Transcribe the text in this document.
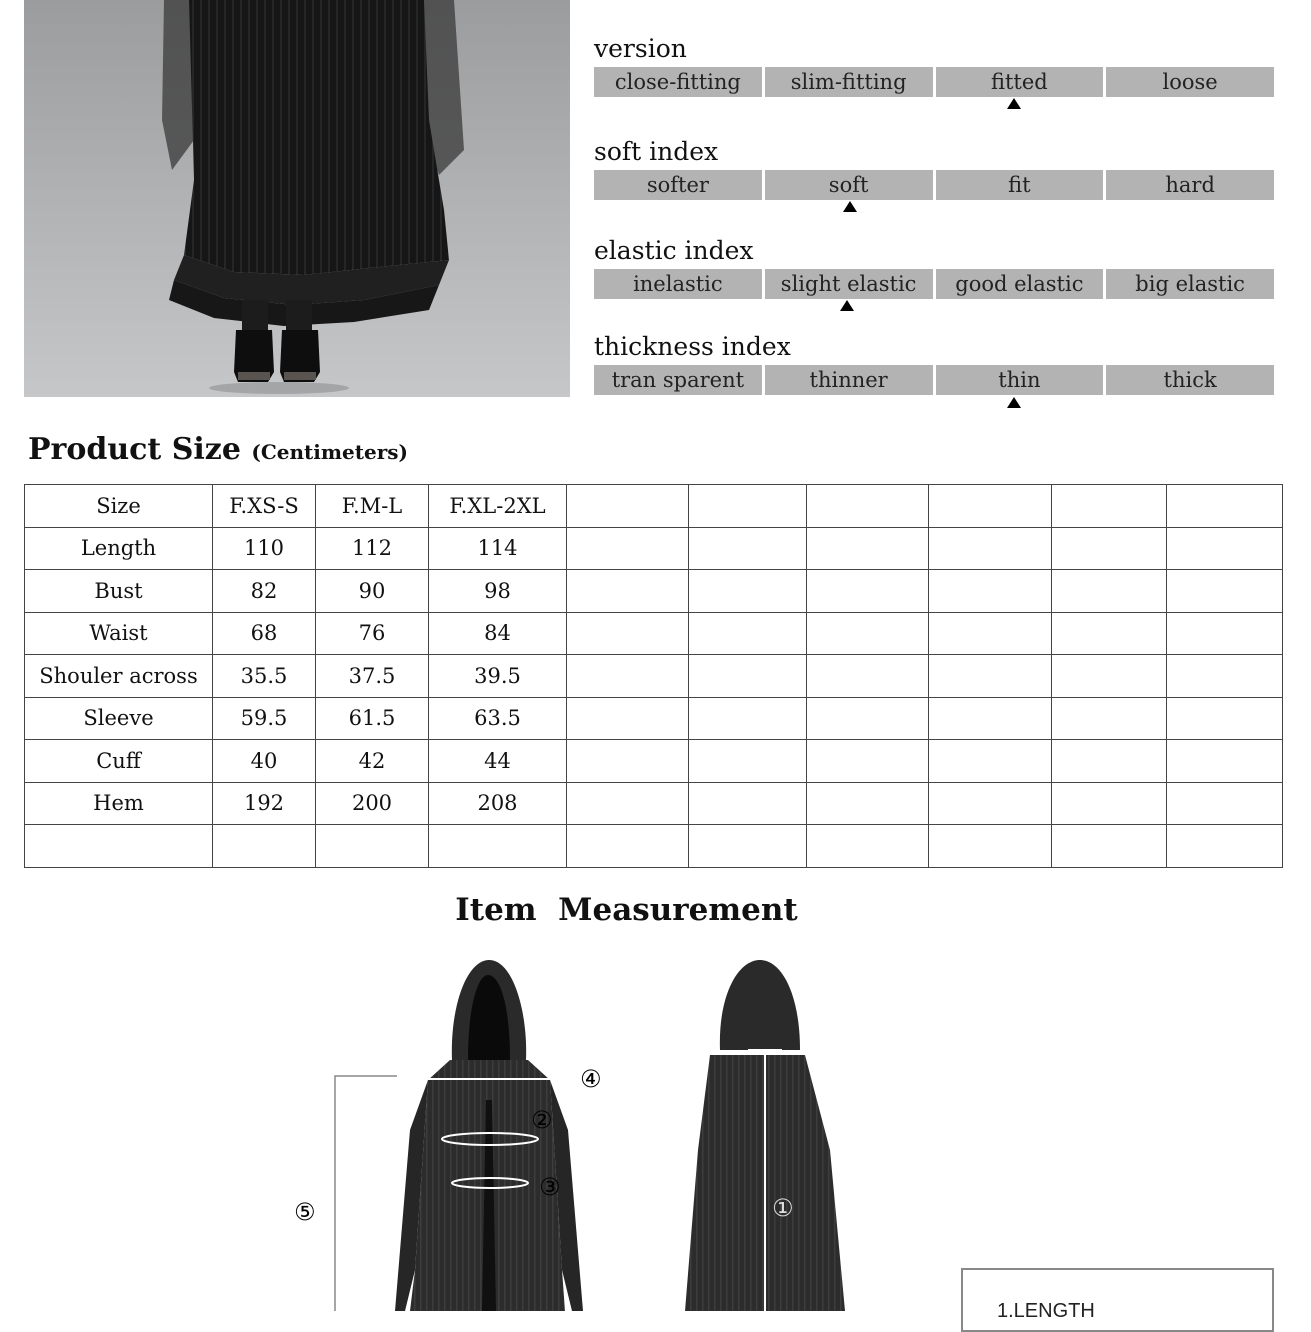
version
close-fitting	slim-fitting	fitted	loose
soft index
softer	soft	fit	hard
elastic index
inelastic	slight elastic	good elastic	big elastic
thickness index
tran sparent	thinner	thin	thick
Product Size (Centimeters)
Size	F.XS-S	F.M-L	F.XL-2XL						
Length	110	112	114						
Bust	82	90	98						
Waist	68	76	84						
Shouler across	35.5	37.5	39.5						
Sleeve	59.5	61.5	63.5						
Cuff	40	42	44						
Hem	192	200	208						

Item  Measurement
④
②
③
⑤	①
1.LENGTH
